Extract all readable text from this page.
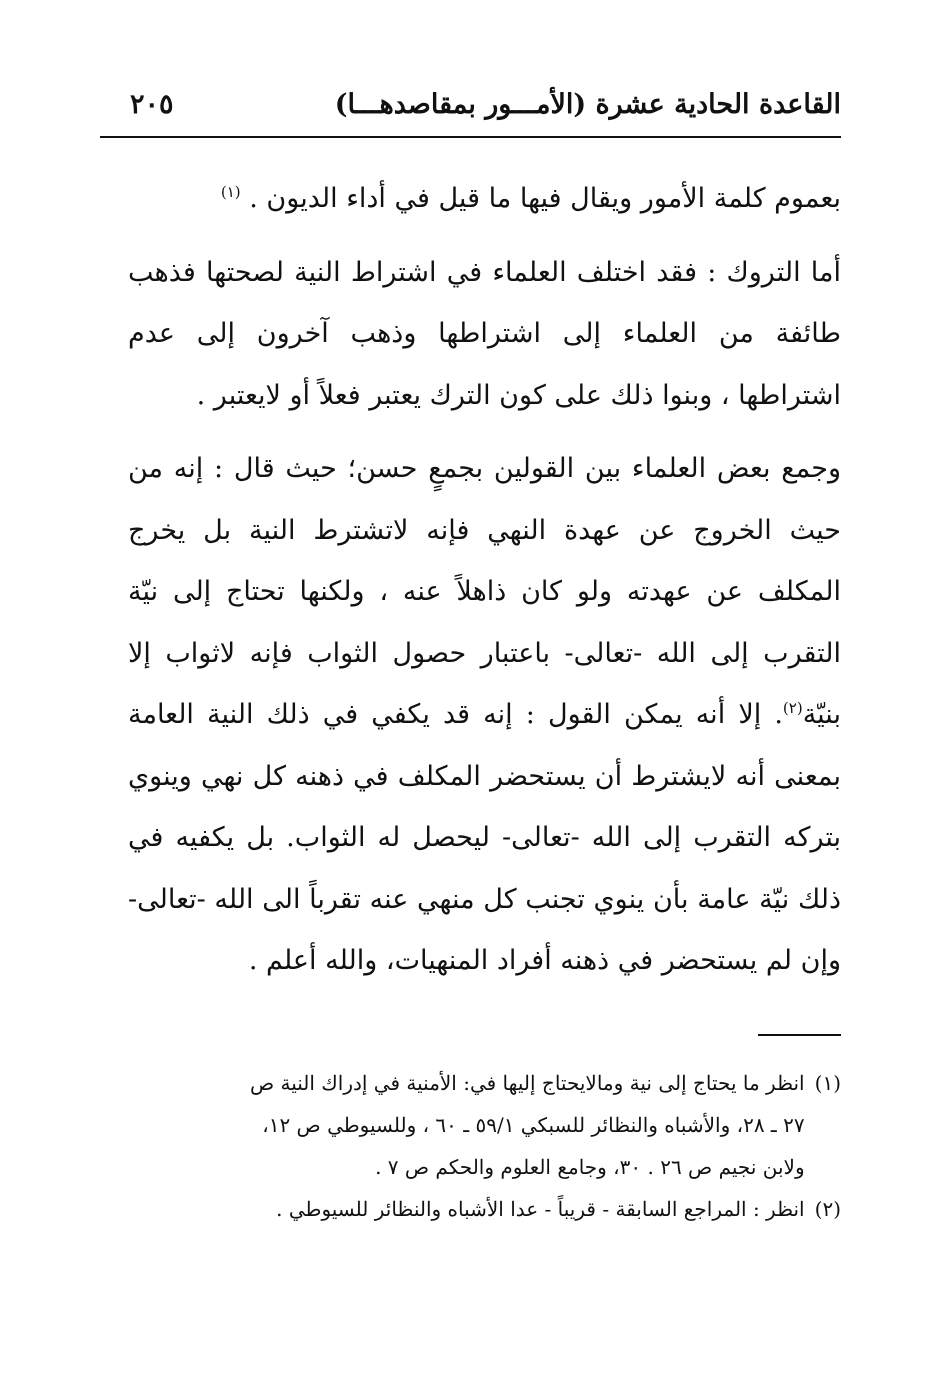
القاعدة الحادية عشرة (الأمـــور بمقاصدهـــا)
٢٠٥

بعموم كلمة الأمور ويقال فيها ما قيل في أداء الديون . $^{(١)}$

أما التروك : فقد اختلف العلماء في اشتراط النية لصحتها فذهب طائفة من العلماء إلى اشتراطها وذهب آخرون إلى عدم اشتراطها ، وبنوا ذلك على كون الترك يعتبر فعلاً أو لايعتبر .

وجمع بعض العلماء بين القولين بجمعٍ حسن؛ حيث قال : إنه من حيث الخروج عن عهدة النهي فإنه لاتشترط النية بل يخرج المكلف عن عهدته ولو كان ذاهلاً عنه ، ولكنها تحتاج إلى نيّة التقرب إلى الله -تعالى- باعتبار حصول الثواب فإنه لاثواب إلا بنيّة$^{(٢)}$. إلا أنه يمكن القول : إنه قد يكفي في ذلك النية العامة بمعنى أنه لايشترط أن يستحضر المكلف في ذهنه كل نهي وينوي بتركه التقرب إلى الله -تعالى- ليحصل له الثواب. بل يكفيه في ذلك نيّة عامة بأن ينوي تجنب كل منهي عنه تقرباً الى الله -تعالى- وإن لم يستحضر في ذهنه أفراد المنهيات، والله أعلم .

(١)
انظر ما يحتاج إلى نية ومالايحتاج إليها في: الأمنية في إدراك النية ص
٢٧ ـ ٢٨، والأشباه والنظائر للسبكي ٥٩/١ ـ ٦٠ ، وللسيوطي ص ١٢،
ولابن نجيم ص ٢٦ . ٣٠، وجامع العلوم والحكم ص ٧ .
(٢)
انظر : المراجع السابقة - قريباً - عدا الأشباه والنظائر للسيوطي .
